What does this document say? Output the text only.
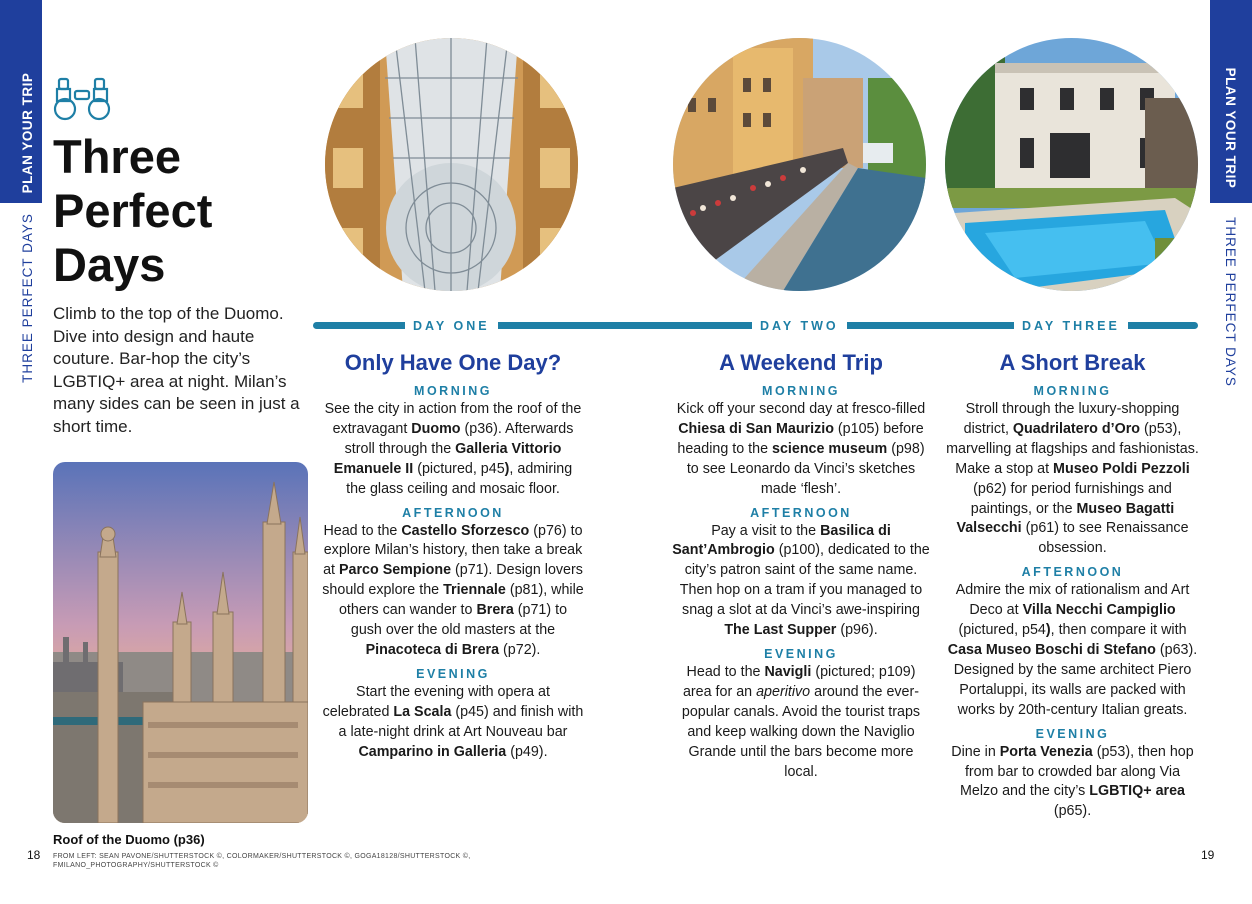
PLAN YOUR TRIP
THREE PERFECT DAYS
PLAN YOUR TRIP
THREE PERFECT DAYS
Three
Perfect
Days
Climb to the top of the Duomo. Dive into design and haute couture. Bar-hop the city’s LGBTIQ+ area at night. Milan’s many sides can be seen in just a short time.
Roof of the Duomo (p36)
18	19
FROM LEFT: SEAN PAVONE/SHUTTERSTOCK ©, COLORMAKER/SHUTTERSTOCK ©, GOGA18128/SHUTTERSTOCK ©, FMILANO_PHOTOGRAPHY/SHUTTERSTOCK ©
DAY ONE	DAY TWO	DAY THREE
Only Have One Day?
MORNING

See the city in action from the roof of the extravagant Duomo (p36). Afterwards stroll through the Galleria Vittorio Emanuele II (pictured, p45), admiring the glass ceiling and mosaic floor.

AFTERNOON

Head to the Castello Sforzesco (p76) to explore Milan’s history, then take a break at Parco Sempione (p71). Design lovers should explore the Triennale (p81), while others can wander to Brera (p71) to gush over the old masters at the Pinacoteca di Brera (p72).

EVENING

Start the evening with opera at celebrated La Scala (p45) and finish with a late-night drink at Art Nouveau bar Camparino in Galleria (p49).

A Weekend Trip
MORNING

Kick off your second day at fresco-filled Chiesa di San Maurizio (p105) before heading to the science museum (p98) to see Leonardo da Vinci’s sketches made ‘flesh’.

AFTERNOON

Pay a visit to the Basilica di Sant’Ambrogio (p100), dedicated to the city’s patron saint of the same name. Then hop on a tram if you managed to snag a slot at da Vinci’s awe-inspiring The Last Supper (p96).

EVENING

Head to the Navigli (pictured; p109) area for an aperitivo around the ever-popular canals. Avoid the tourist traps and keep walking down the Naviglio Grande until the bars become more local.

A Short Break
MORNING

Stroll through the luxury-shopping district, Quadrilatero d’Oro (p53), marvelling at flagships and fashionistas. Make a stop at Museo Poldi Pezzoli (p62) for period furnishings and paintings, or the Museo Bagatti Valsecchi (p61) to see Renaissance obsession.

AFTERNOON

Admire the mix of rationalism and Art Deco at Villa Necchi Campiglio (pictured, p54), then compare it with Casa Museo Boschi di Stefano (p63). Designed by the same architect Piero Portaluppi, its walls are packed with works by 20th-century Italian greats.

EVENING

Dine in Porta Venezia (p53), then hop from bar to crowded bar along Via Melzo and the city’s LGBTIQ+ area (p65).
